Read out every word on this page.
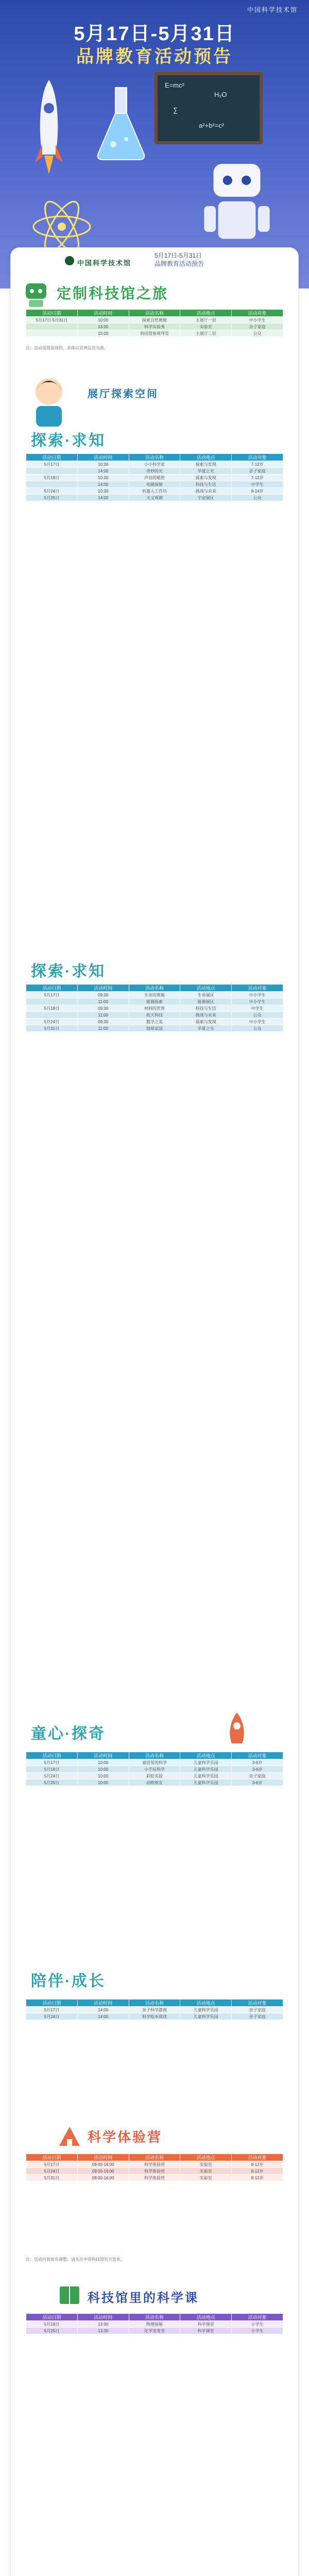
中国科学技术馆
5月17日-5月31日
品牌教育活动预告
E=mc²
H₂O
∑
a²+b²=c²
中国科学技术馆
5月17日-5月31日
品牌教育活动预告
定制科技馆之旅
活动日期	活动时间	活动名称	活动地点	活动对象
5月17日-5月31日	10:00	探索自然奥秘	主展厅一层	中小学生
	13:30	科学实验秀	实验室	亲子家庭
	15:00	科技馆参观导览	主展厅二层	公众
注：活动需提前预约，具体以官网信息为准。
展厅探索空间
探索·求知
活动日期	活动时间	活动名称	活动地点	活动对象
5月17日	10:30	小小科学家	探索与发现	7-12岁
	14:00	奇妙的光	华夏之光	亲子家庭
5月18日	10:30	声音的秘密	探索与发现	7-12岁
	14:00	电磁探秘	科技与生活	中学生
5月24日	10:30	机器人工作坊	挑战与未来	8-14岁
5月25日	14:00	天文观测	宇宙展区	公众
探索·求知
活动日期	活动时间	活动名称	活动地点	活动对象
5月17日	09:30	生命的奥秘	生命展区	中小学生
	11:00	能源探索	能源展区	中小学生
5月18日	09:30	材料的世界	科技与生活	中学生
	11:00	航天科技	挑战与未来	公众
5月24日	09:30	数学之美	探索与发现	中小学生
5月31日	11:00	地球家园	华夏之光	公众
童心·探奇
活动日期	活动时间	活动名称	活动地点	活动对象
5月17日	10:00	童话里的科学	儿童科学乐园	3-6岁
5月18日	10:00	小手玩科学	儿童科学乐园	3-6岁
5月24日	10:00	彩虹实验	儿童科学乐园	亲子家庭
5月25日	10:00	动物朋友	儿童科学乐园	3-6岁
陪伴·成长
活动日期	活动时间	活动名称	活动地点	活动对象
5月17日	14:00	亲子科学游戏	儿童科学乐园	亲子家庭
5月24日	14:00	科学绘本阅读	儿童科学乐园	亲子家庭
科学体验营
活动日期	活动时间	活动名称	活动地点	活动对象
5月17日	09:00-16:00	科学体验营	实验室	8-12岁
5月24日	09:00-16:00	科学体验营	实验室	8-12岁
5月31日	09:00-16:00	科学体验营	实验室	8-12岁
注：活动内容如有调整，请关注中国科技馆官方发布。
科技馆里的科学课
活动日期	活动时间	活动名称	活动地点	活动对象
5月18日	13:30	物理探秘	科学课堂	小学生
5月25日	13:30	化学变变变	科学课堂	小学生
